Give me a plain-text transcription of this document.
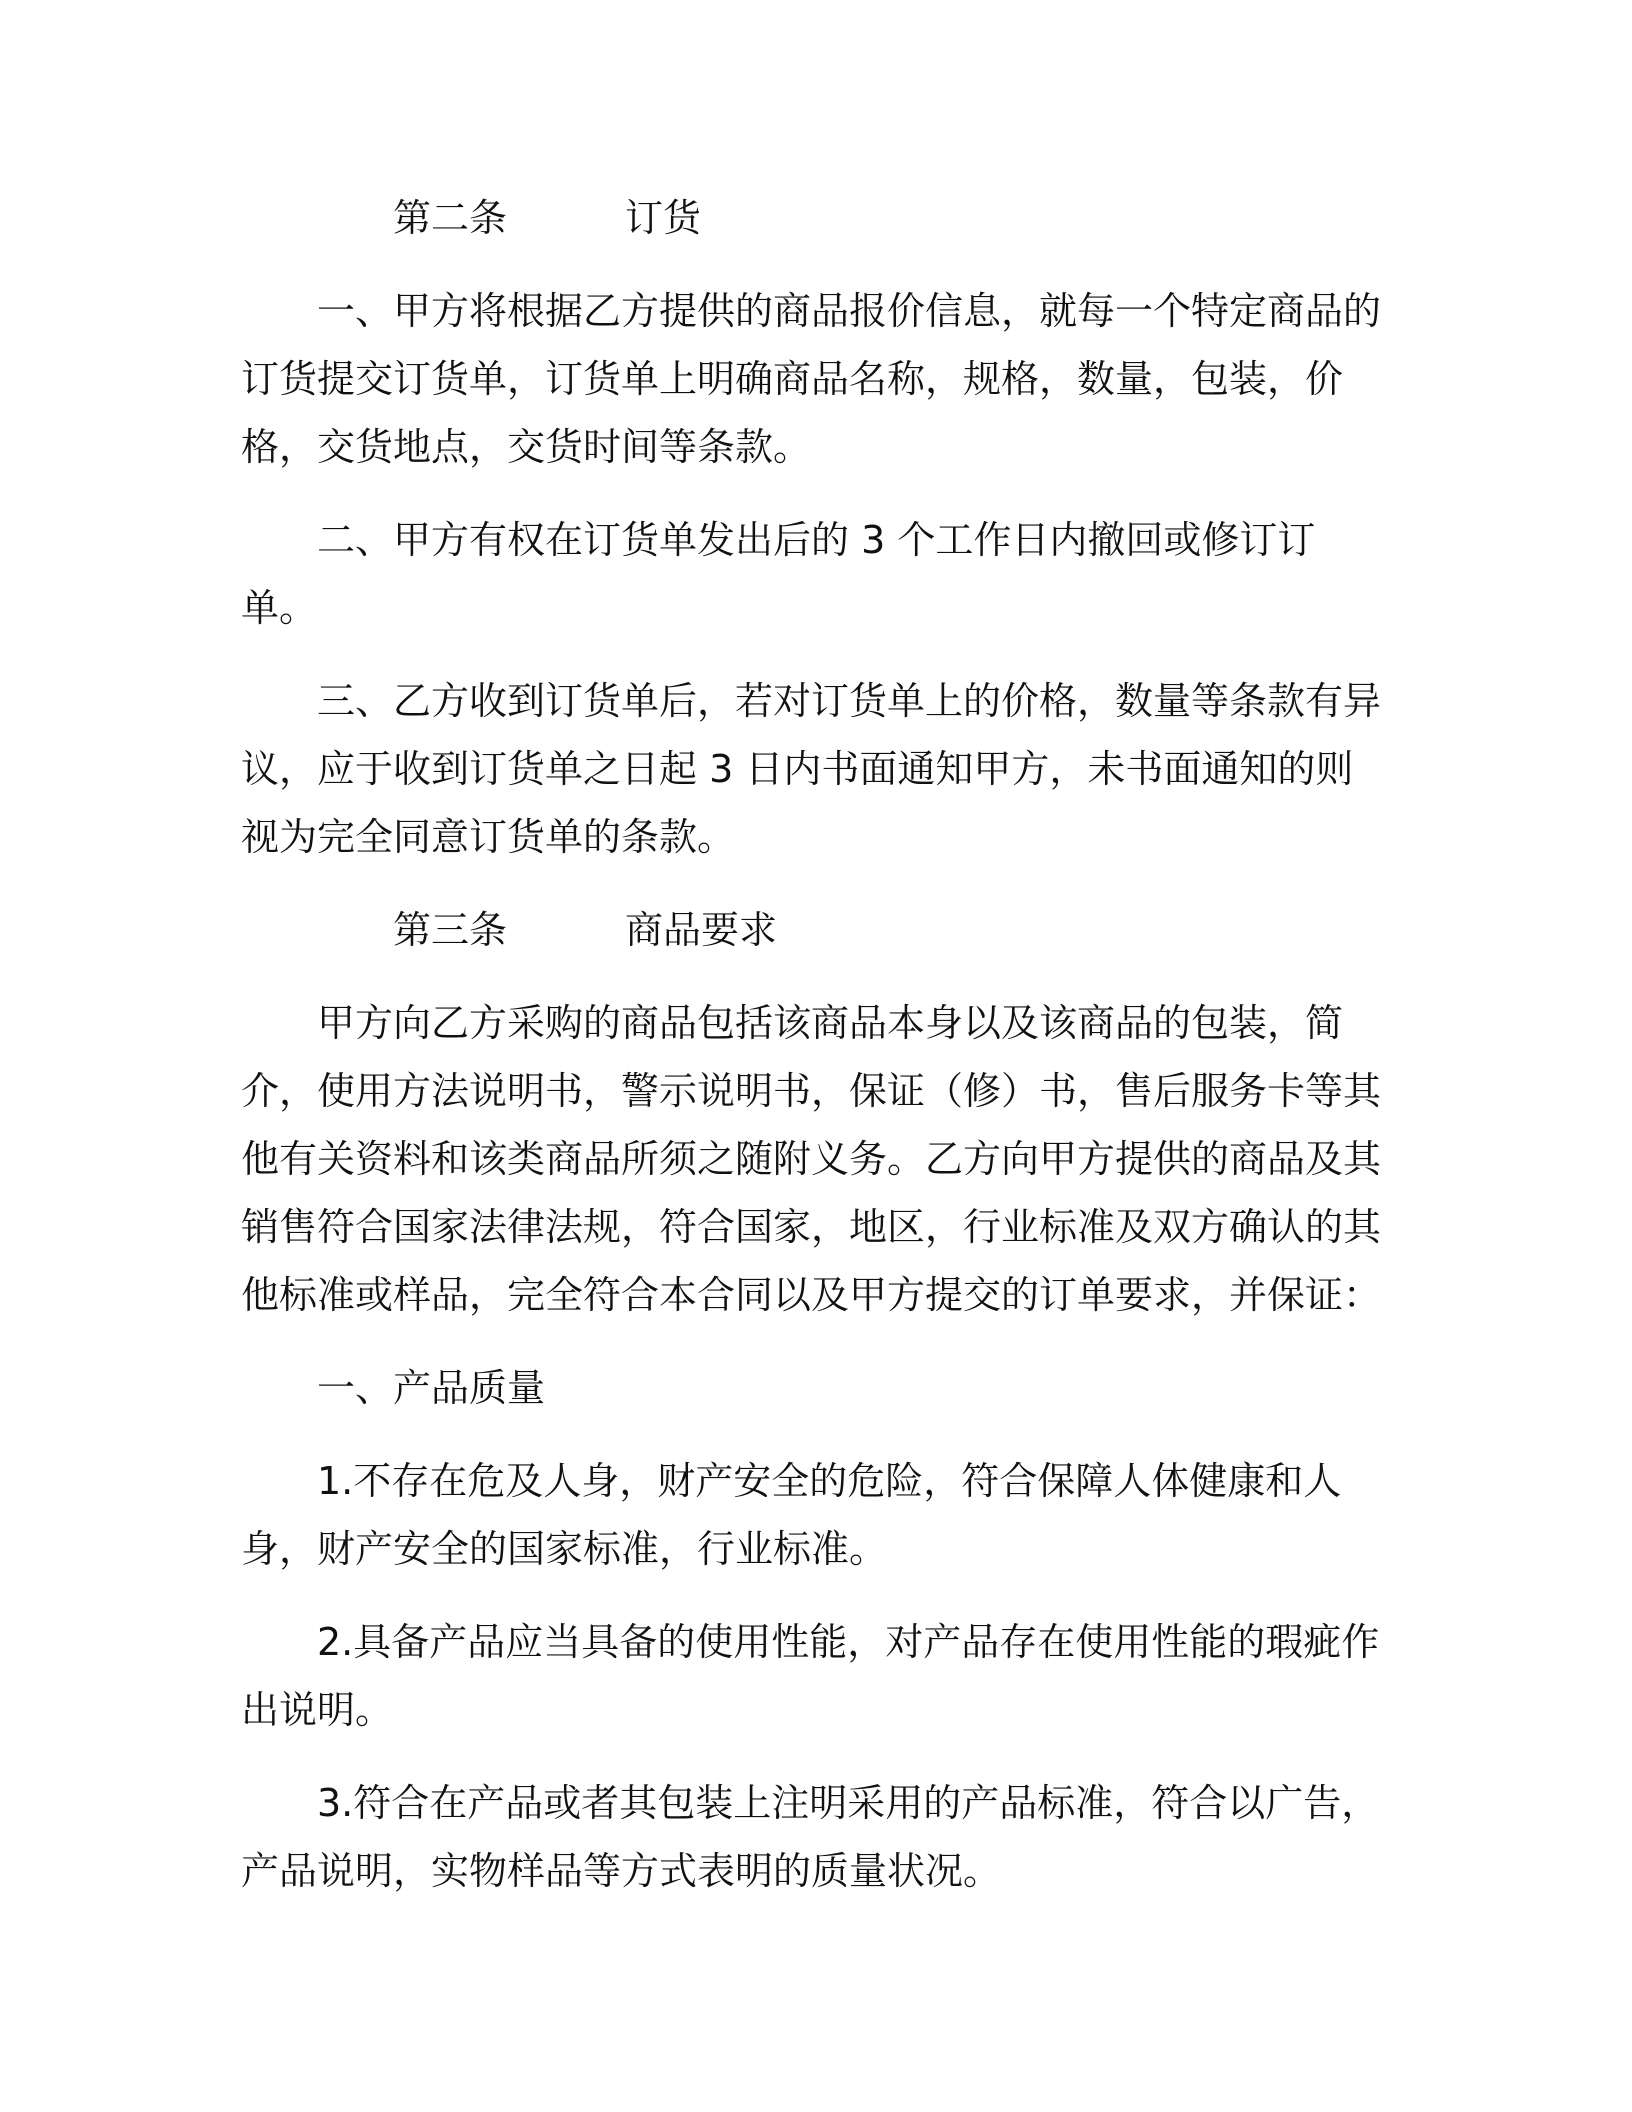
第二条	订货

一、甲方将根据乙方提供的商品报价信息，就每一个特定商品的订货提交订货单，订货单上明确商品名称，规格，数量，包装，价格，交货地点，交货时间等条款。

二、甲方有权在订货单发出后的 3 个工作日内撤回或修订订单。

三、乙方收到订货单后，若对订货单上的价格，数量等条款有异议，应于收到订货单之日起 3 日内书面通知甲方，未书面通知的则视为完全同意订货单的条款。

第三条	商品要求

甲方向乙方采购的商品包括该商品本身以及该商品的包装，简介，使用方法说明书，警示说明书，保证（修）书，售后服务卡等其他有关资料和该类商品所须之随附义务。乙方向甲方提供的商品及其销售符合国家法律法规，符合国家，地区，行业标准及双方确认的其他标准或样品，完全符合本合同以及甲方提交的订单要求，并保证：

一、产品质量

1.不存在危及人身，财产安全的危险，符合保障人体健康和人身，财产安全的国家标准，行业标准。

2.具备产品应当具备的使用性能，对产品存在使用性能的瑕疵作出说明。

3.符合在产品或者其包装上注明采用的产品标准，符合以广告，产品说明，实物样品等方式表明的质量状况。
